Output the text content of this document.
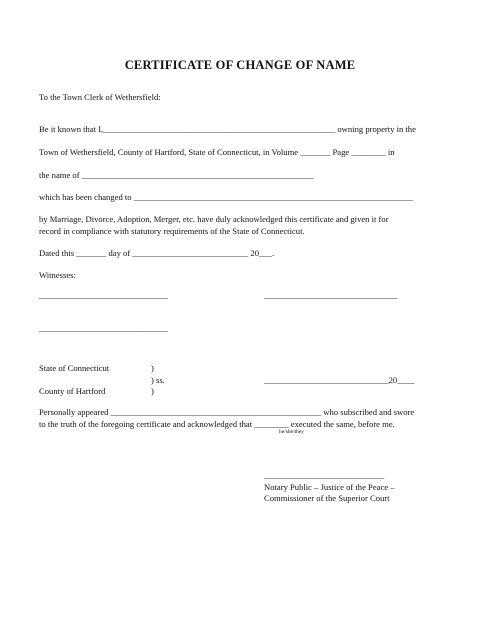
CERTIFICATE OF CHANGE OF NAME
To the Town Clerk of Wethersfield:
Be it known that I,______________________________________________________ owning property in the
Town of Wethersfield, County of Hartford, State of Connecticut, in Volume _______ Page ________ in
the name of ______________________________________________________
which has been changed to _________________________________________________________________
by Marriage, Divorce, Adoption, Merger, etc. have duly acknowledged this certificate and given it for
record in compliance with statutory requirements of the State of Connecticut.
Dated this _______ day of ___________________________ 20___.
Witnesses:
______________________________	_______________________________
______________________________
State of Connecticut	)
) ss.	_____________________________20____
County of Hartford	)
Personally appeared _________________________________________________ who subscribed and swore
to the truth of the foregoing certificate and acknowledged that ________ executed the same, before me.
he/she/they
____________________________
Notary Public – Justice of the Peace –
Commissioner of the Superior Court
